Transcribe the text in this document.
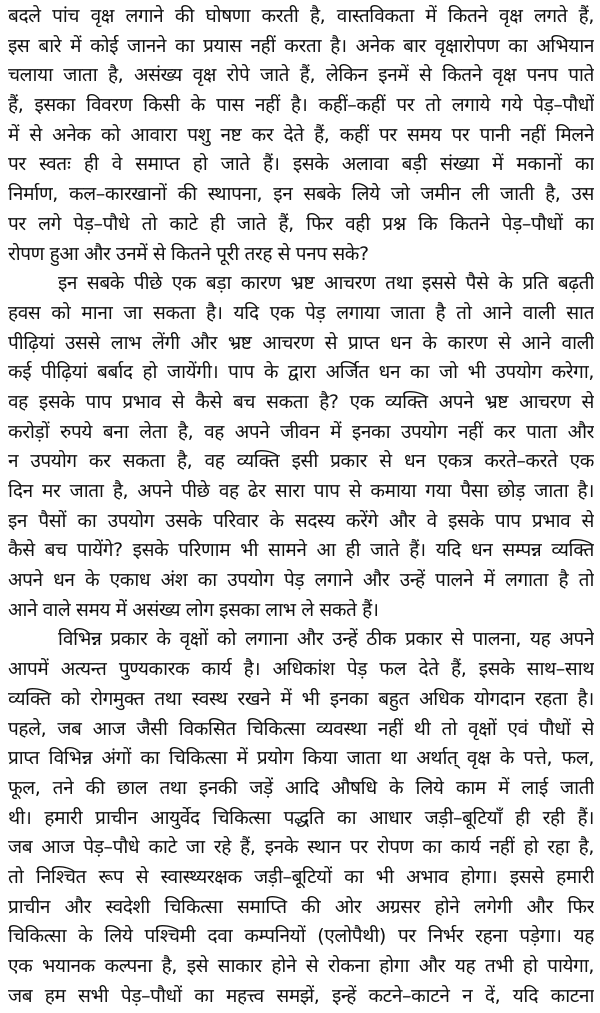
बदले पांच वृक्ष लगाने की घोषणा करती है, वास्तविकता में कितने वृक्ष लगते हैं,
इस बारे में कोई जानने का प्रयास नहीं करता है। अनेक बार वृक्षारोपण का अभियान
चलाया जाता है, असंख्य वृक्ष रोपे जाते हैं, लेकिन इनमें से कितने वृक्ष पनप पाते
हैं, इसका विवरण किसी के पास नहीं है। कहीं–कहीं पर तो लगाये गये पेड़–पौधों
में से अनेक को आवारा पशु नष्ट कर देते हैं, कहीं पर समय पर पानी नहीं मिलने
पर स्वतः ही वे समाप्त हो जाते हैं। इसके अलावा बड़ी संख्या में मकानों का
निर्माण, कल–कारखानों की स्थापना, इन सबके लिये जो जमीन ली जाती है, उस
पर लगे पेड़–पौधे तो काटे ही जाते हैं, फिर वही प्रश्न कि कितने पेड़–पौधों का
रोपण हुआ और उनमें से कितने पूरी तरह से पनप सके?
इन सबके पीछे एक बड़ा कारण भ्रष्ट आचरण तथा इससे पैसे के प्रति बढ़ती
हवस को माना जा सकता है। यदि एक पेड़ लगाया जाता है तो आने वाली सात
पीढ़ियां उससे लाभ लेंगी और भ्रष्ट आचरण से प्राप्त धन के कारण से आने वाली
कई पीढ़ियां बर्बाद हो जायेंगी। पाप के द्वारा अर्जित धन का जो भी उपयोग करेगा,
वह इसके पाप प्रभाव से कैसे बच सकता है? एक व्यक्ति अपने भ्रष्ट आचरण से
करोड़ों रुपये बना लेता है, वह अपने जीवन में इनका उपयोग नहीं कर पाता और
न उपयोग कर सकता है, वह व्यक्ति इसी प्रकार से धन एकत्र करते–करते एक
दिन मर जाता है, अपने पीछे वह ढेर सारा पाप से कमाया गया पैसा छोड़ जाता है।
इन पैसों का उपयोग उसके परिवार के सदस्य करेंगे और वे इसके पाप प्रभाव से
कैसे बच पायेंगे? इसके परिणाम भी सामने आ ही जाते हैं। यदि धन सम्पन्न व्यक्ति
अपने धन के एकाध अंश का उपयोग पेड़ लगाने और उन्हें पालने में लगाता है तो
आने वाले समय में असंख्य लोग इसका लाभ ले सकते हैं।
विभिन्न प्रकार के वृक्षों को लगाना और उन्हें ठीक प्रकार से पालना, यह अपने
आपमें अत्यन्त पुण्यकारक कार्य है। अधिकांश पेड़ फल देते हैं, इसके साथ–साथ
व्यक्ति को रोगमुक्त तथा स्वस्थ रखने में भी इनका बहुत अधिक योगदान रहता है।
पहले, जब आज जैसी विकसित चिकित्सा व्यवस्था नहीं थी तो वृक्षों एवं पौधों से
प्राप्त विभिन्न अंगों का चिकित्सा में प्रयोग किया जाता था अर्थात् वृक्ष के पत्ते, फल,
फूल, तने की छाल तथा इनकी जड़ें आदि औषधि के लिये काम में लाई जाती
थी। हमारी प्राचीन आयुर्वेद चिकित्सा पद्धति का आधार जड़ी–बूटियाँ ही रही हैं।
जब आज पेड़–पौधे काटे जा रहे हैं, इनके स्थान पर रोपण का कार्य नहीं हो रहा है,
तो निश्चित रूप से स्वास्थ्यरक्षक जड़ी–बूटियों का भी अभाव होगा। इससे हमारी
प्राचीन और स्वदेशी चिकित्सा समाप्ति की ओर अग्रसर होने लगेगी और फिर
चिकित्सा के लिये पश्चिमी दवा कम्पनियों (एलोपैथी) पर निर्भर रहना पड़ेगा। यह
एक भयानक कल्पना है, इसे साकार होने से रोकना होगा और यह तभी हो पायेगा,
जब हम सभी पेड़–पौधों का महत्त्व समझें, इन्हें कटने–काटने न दें, यदि काटना
